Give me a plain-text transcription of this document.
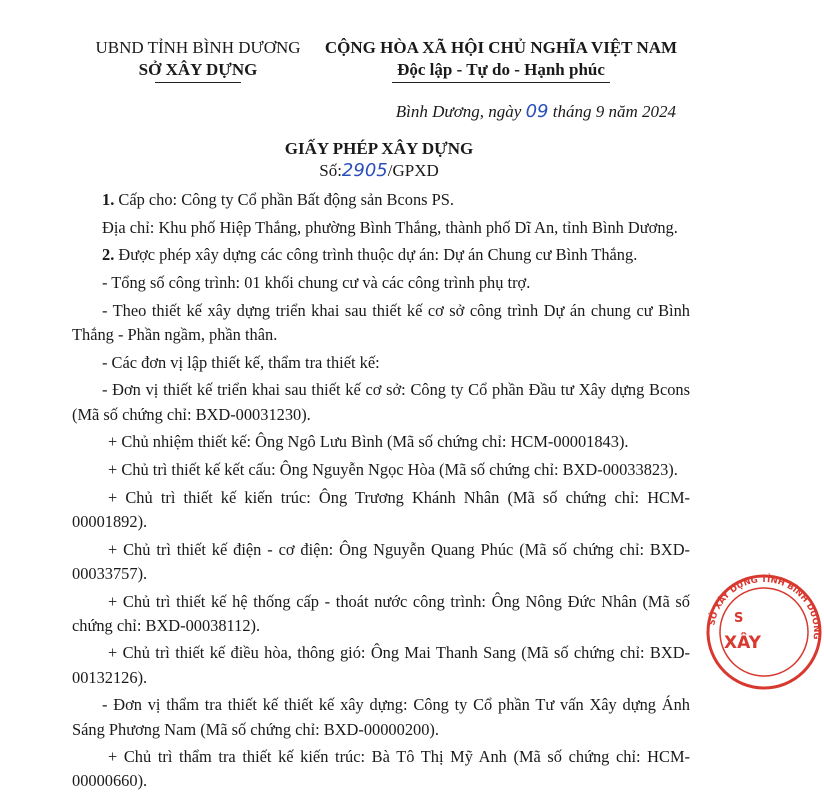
UBND TỈNH BÌNH DƯƠNG
SỞ XÂY DỰNG
CỘNG HÒA XÃ HỘI CHỦ NGHĨA VIỆT NAM
Độc lập - Tự do - Hạnh phúc
Bình Dương, ngày 09 tháng 9 năm 2024
GIẤY PHÉP XÂY DỰNG
Số:2905/GPXD

1. Cấp cho: Công ty Cổ phần Bất động sản Bcons PS.

Địa chỉ: Khu phố Hiệp Thắng, phường Bình Thắng, thành phố Dĩ An, tỉnh Bình Dương.

2. Được phép xây dựng các công trình thuộc dự án: Dự án Chung cư Bình Thắng.

- Tổng số công trình: 01 khối chung cư và các công trình phụ trợ.

- Theo thiết kế xây dựng triển khai sau thiết kế cơ sở công trình Dự án chung cư Bình Thắng - Phần ngầm, phần thân.

- Các đơn vị lập thiết kế, thẩm tra thiết kế:

- Đơn vị thiết kế triển khai sau thiết kế cơ sở: Công ty Cổ phần Đầu tư Xây dựng Bcons (Mã số chứng chỉ: BXD-00031230).

+ Chủ nhiệm thiết kế: Ông Ngô Lưu Bình (Mã số chứng chỉ: HCM-00001843).

+ Chủ trì thiết kế kết cấu: Ông Nguyễn Ngọc Hòa (Mã số chứng chỉ: BXD-00033823).

+ Chủ trì thiết kế kiến trúc: Ông Trương Khánh Nhân (Mã số chứng chỉ: HCM-00001892).

+ Chủ trì thiết kế điện - cơ điện: Ông Nguyễn Quang Phúc (Mã số chứng chỉ: BXD-00033757).

+ Chủ trì thiết kế hệ thống cấp - thoát nước công trình: Ông Nông Đức Nhân (Mã số chứng chỉ: BXD-00038112).

+ Chủ trì thiết kế điều hòa, thông gió: Ông Mai Thanh Sang (Mã số chứng chỉ: BXD-00132126).

- Đơn vị thẩm tra thiết kế thiết kế xây dựng: Công ty Cổ phần Tư vấn Xây dựng Ánh Sáng Phương Nam (Mã số chứng chỉ: BXD-00000200).

+ Chủ trì thẩm tra thiết kế kiến trúc: Bà Tô Thị Mỹ Anh (Mã số chứng chỉ: HCM-00000660).

SỞ XÂY DỰNG TỈNH BÌNH DƯƠNG
S
XÂY
